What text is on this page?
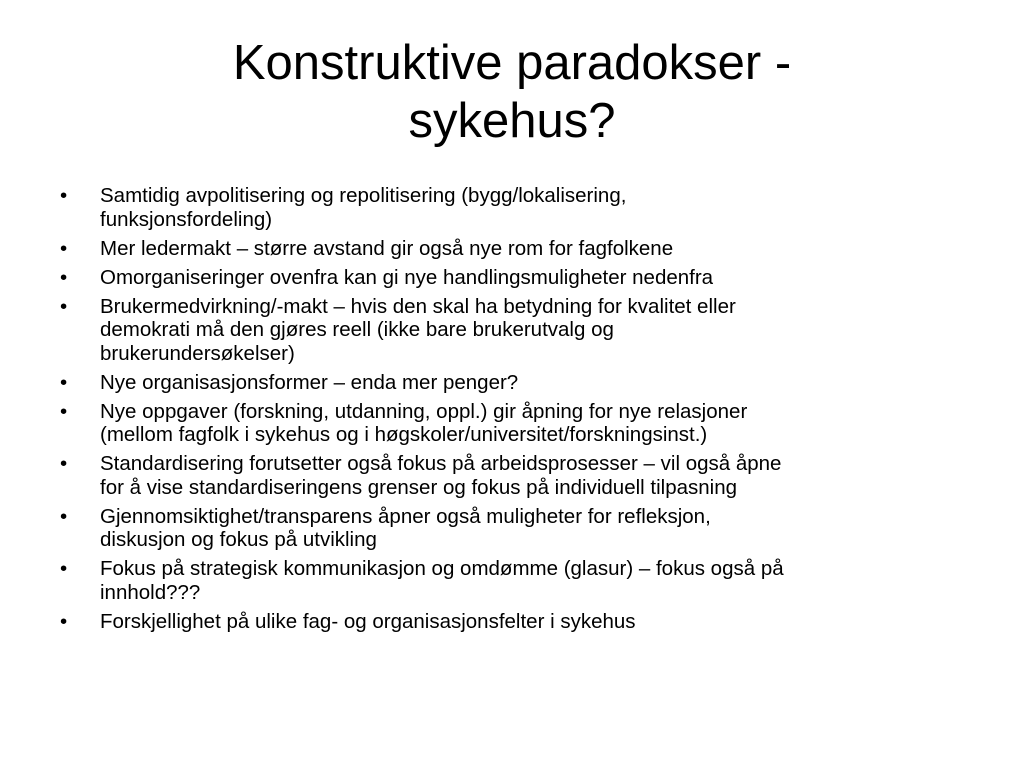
Konstruktive paradokser -
sykehus?
•	Samtidig avpolitisering og repolitisering (bygg/lokalisering,
funksjonsfordeling)
•	Mer ledermakt – større avstand gir også nye rom for fagfolkene
•	Omorganiseringer ovenfra kan gi nye handlingsmuligheter nedenfra
•	Brukermedvirkning/-makt – hvis den skal ha betydning for kvalitet eller
demokrati må den gjøres reell (ikke bare brukerutvalg og
brukerundersøkelser)
•	Nye organisasjonsformer – enda mer penger?
•	Nye oppgaver (forskning, utdanning, oppl.) gir åpning for nye relasjoner
(mellom fagfolk i sykehus og i høgskoler/universitet/forskningsinst.)
•	Standardisering forutsetter også fokus på arbeidsprosesser – vil også åpne
for å vise standardiseringens grenser og fokus på individuell tilpasning
•	Gjennomsiktighet/transparens åpner også muligheter for refleksjon,
diskusjon og fokus på utvikling
•	Fokus på strategisk kommunikasjon og omdømme (glasur) – fokus også på
innhold???
•	Forskjellighet på ulike fag- og organisasjonsfelter i sykehus
